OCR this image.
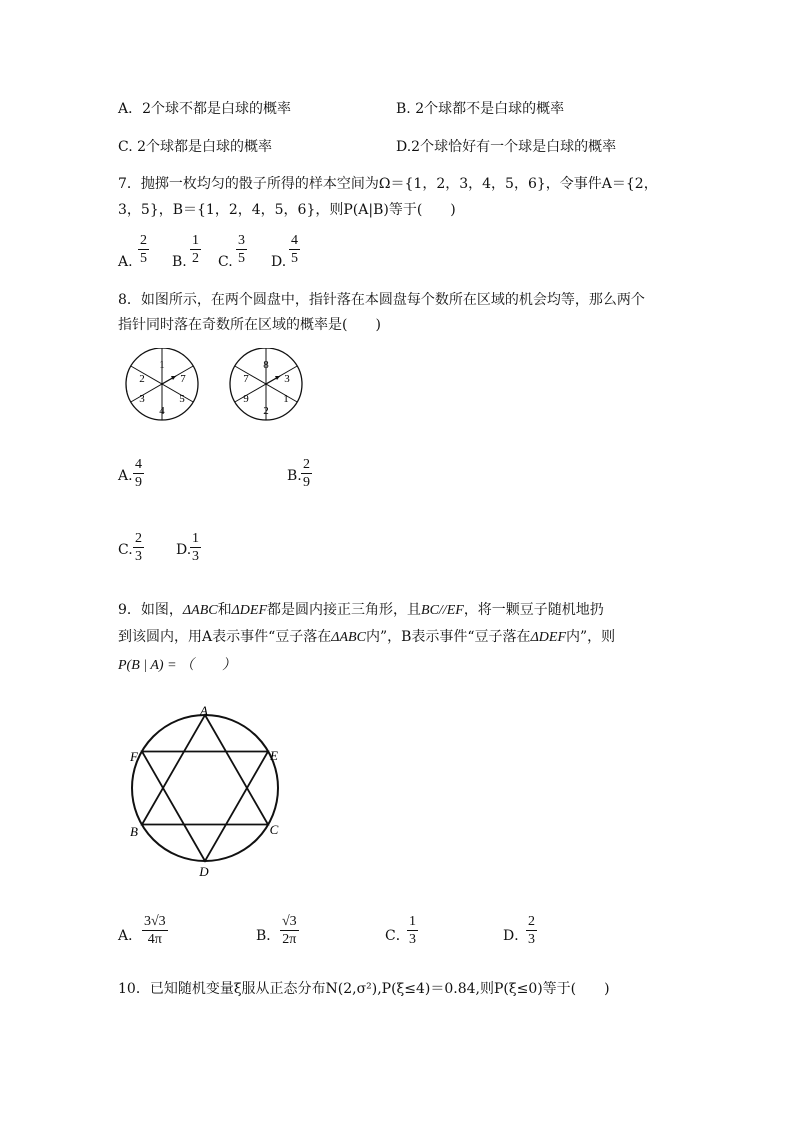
A．2个球不都是白球的概率	B. 2个球都不是白球的概率
C. 2个球都是白球的概率	D.2个球恰好有一个球是白球的概率
7．抛掷一枚均匀的骰子所得的样本空间为Ω＝{1，2，3，4，5，6}，令事件A＝{2，
3，5}，B＝{1，2，4，5，6}，则P(A|B)等于(　　)
A. $\frac{2}{5} B$. $\frac{1}{2} C$. $\frac{3}{5} D$. $\frac{4}{5}$
8．如图所示，在两个圆盘中，指针落在本圆盘每个数所在区域的机会均等，那么两个
指针同时落在奇数所在区域的概率是(　　)
1
7
5
4
3
2
8
3
1
2
9
7
A. $\frac{4}{9}$	B. $\frac{2}{9}$
C. $\frac{2}{3} D$.
$\frac{1}{3}$
9．如图，ΔABC和ΔDEF都是圆内接正三角形，且BC//EF，将一颗豆子随机地扔
到该圆内，用A表示事件“豆子落在ΔABC内”，B表示事件“豆子落在ΔDEF内”，则
P(B | A) = （　　）
A
E
C
D
B
F
A． $\frac{3√3}{4\pi}$	B． $\frac{√3}{2\pi}$	C．
$\frac{1}{3}$	D．
$\frac{2}{3}$
10．已知随机变量ξ服从正态分布N(2,σ²),P(ξ≤4)＝0.84,则P(ξ≤0)等于(　　)
